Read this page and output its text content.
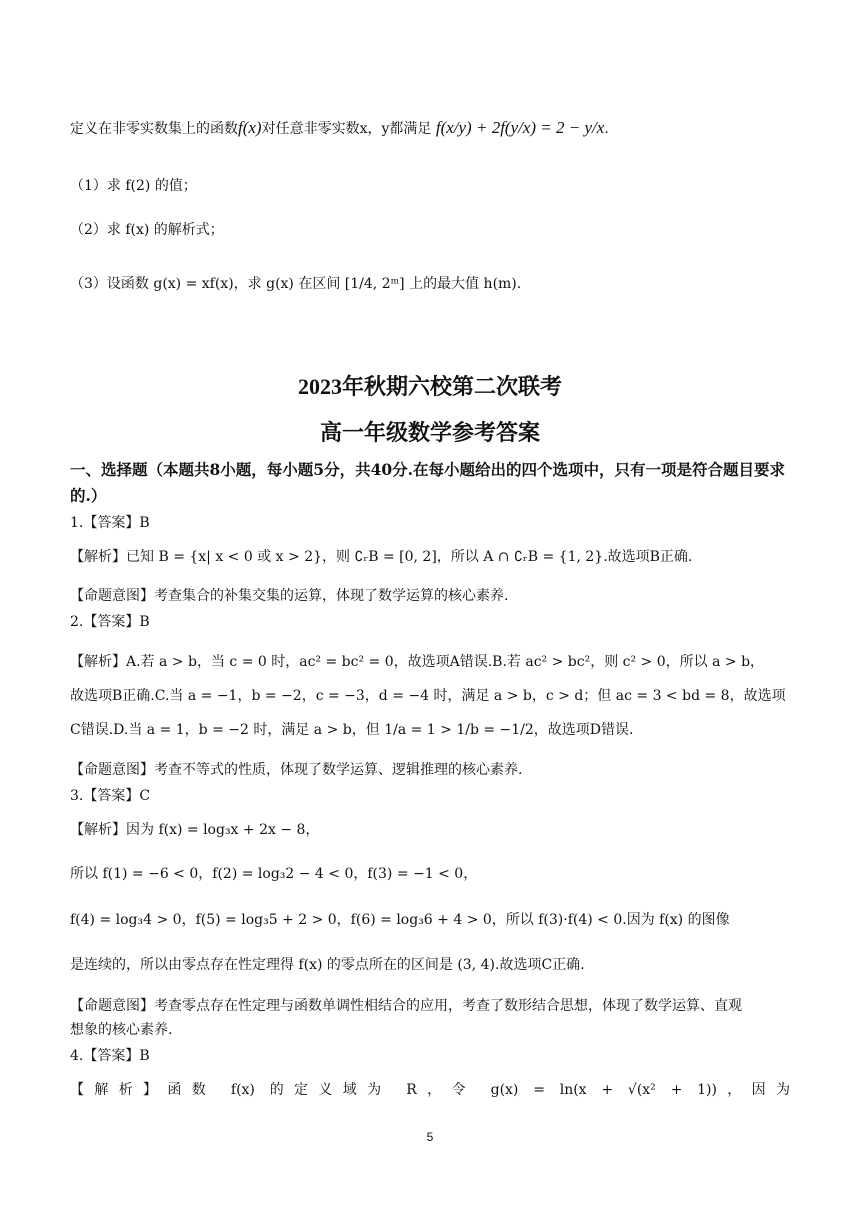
定义在非零实数集上的函数f(x)对任意非零实数x，y都满足 f(x/y) + 2f(y/x) = 2 − y/x.
（1）求 f(2) 的值；
（2）求 f(x) 的解析式；
（3）设函数 g(x) = xf(x)，求 g(x) 在区间 [1/4, 2ᵐ] 上的最大值 h(m).
2023年秋期六校第二次联考
高一年级数学参考答案
一、选择题（本题共8小题，每小题5分，共40分.在每小题给出的四个选项中，只有一项是符合题目要求的.）
1.【答案】B
【解析】已知 B = {x| x < 0 或 x > 2}，则 ∁ᵣB = [0, 2]，所以 A ∩ ∁ᵣB = {1, 2}.故选项B正确.
【命题意图】考查集合的补集交集的运算，体现了数学运算的核心素养.
2.【答案】B
【解析】A.若 a > b，当 c = 0 时，ac² = bc² = 0，故选项A错误.B.若 ac² > bc²，则 c² > 0，所以 a > b，
故选项B正确.C.当 a = −1，b = −2，c = −3，d = −4 时，满足 a > b，c > d；但 ac = 3 < bd = 8，故选项
C错误.D.当 a = 1，b = −2 时，满足 a > b，但 1/a = 1 > 1/b = −1/2，故选项D错误.
【命题意图】考查不等式的性质，体现了数学运算、逻辑推理的核心素养.
3.【答案】C
【解析】因为 f(x) = log₃x + 2x − 8，
所以 f(1) = −6 < 0，f(2) = log₃2 − 4 < 0，f(3) = −1 < 0，
f(4) = log₃4 > 0，f(5) = log₃5 + 2 > 0，f(6) = log₃6 + 4 > 0，所以 f(3)·f(4) < 0.因为 f(x) 的图像
是连续的，所以由零点存在性定理得 f(x) 的零点所在的区间是 (3, 4).故选项C正确.
【命题意图】考查零点存在性定理与函数单调性相结合的应用，考查了数形结合思想，体现了数学运算、直观
想象的核心素养.
4.【答案】B
【解析】函数 f(x) 的定义域为 R，令 g(x) = ln(x + √(x² + 1))，因为
5
